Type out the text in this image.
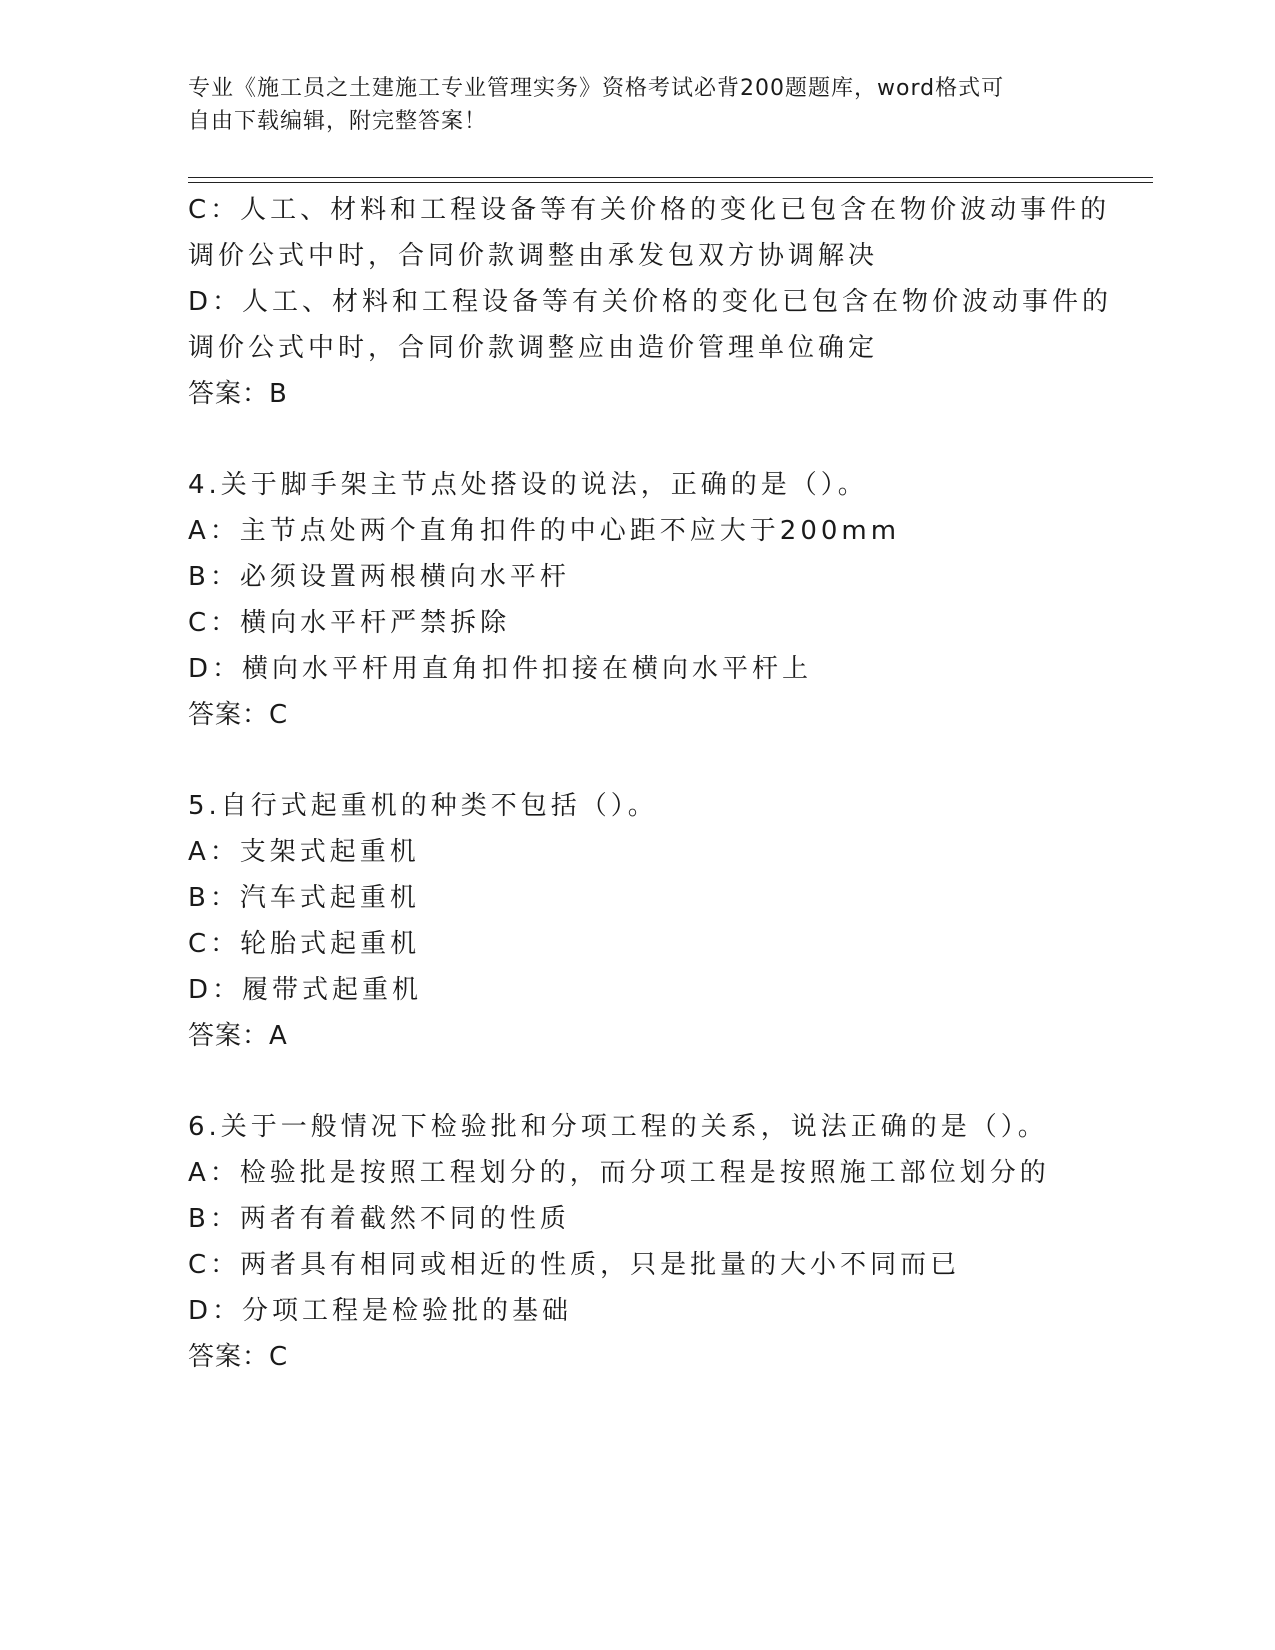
专业《施工员之土建施工专业管理实务》资格考试必背200题题库，word格式可
自由下载编辑，附完整答案！
C：人工、材料和工程设备等有关价格的变化已包含在物价波动事件的
调价公式中时，合同价款调整由承发包双方协调解决
D：人工、材料和工程设备等有关价格的变化已包含在物价波动事件的
调价公式中时，合同价款调整应由造价管理单位确定
答案：B
4.关于脚手架主节点处搭设的说法，正确的是（）。
A：主节点处两个直角扣件的中心距不应大于200mm
B：必须设置两根横向水平杆
C：横向水平杆严禁拆除
D：横向水平杆用直角扣件扣接在横向水平杆上
答案：C
5.自行式起重机的种类不包括（）。
A：支架式起重机
B：汽车式起重机
C：轮胎式起重机
D：履带式起重机
答案：A
6.关于一般情况下检验批和分项工程的关系，说法正确的是（）。
A：检验批是按照工程划分的，而分项工程是按照施工部位划分的
B：两者有着截然不同的性质
C：两者具有相同或相近的性质，只是批量的大小不同而已
D：分项工程是检验批的基础
答案：C
